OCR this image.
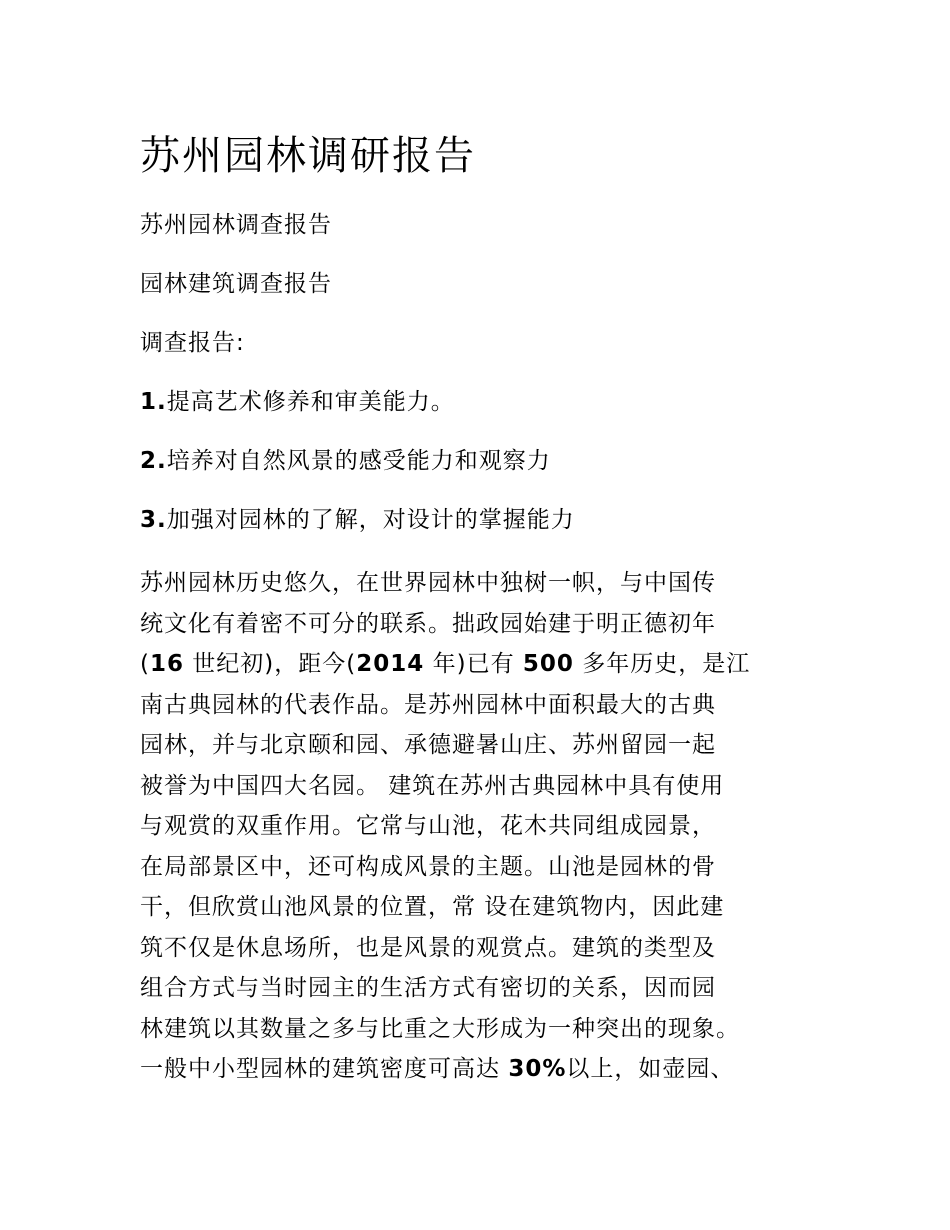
苏州园林调研报告

苏州园林调查报告

园林建筑调查报告

调查报告:

1.提高艺术修养和审美能力。

2.培养对自然风景的感受能力和观察力

3.加强对园林的了解，对设计的掌握能力

苏州园林历史悠久，在世界园林中独树一帜，与中国传
统文化有着密不可分的联系。拙政园始建于明正德初年
(16 世纪初)，距今(2014 年)已有 500 多年历史，是江
南古典园林的代表作品。是苏州园林中面积最大的古典
园林，并与北京颐和园、承德避暑山庄、苏州留园一起
被誉为中国四大名园。 建筑在苏州古典园林中具有使用
与观赏的双重作用。它常与山池，花木共同组成园景，
在局部景区中，还可构成风景的主题。山池是园林的骨
干，但欣赏山池风景的位置，常 设在建筑物内，因此建
筑不仅是休息场所，也是风景的观赏点。建筑的类型及
组合方式与当时园主的生活方式有密切的关系，因而园
林建筑以其数量之多与比重之大形成为一种突出的现象。
一般中小型园林的建筑密度可高达 30%以上，如壶园、
